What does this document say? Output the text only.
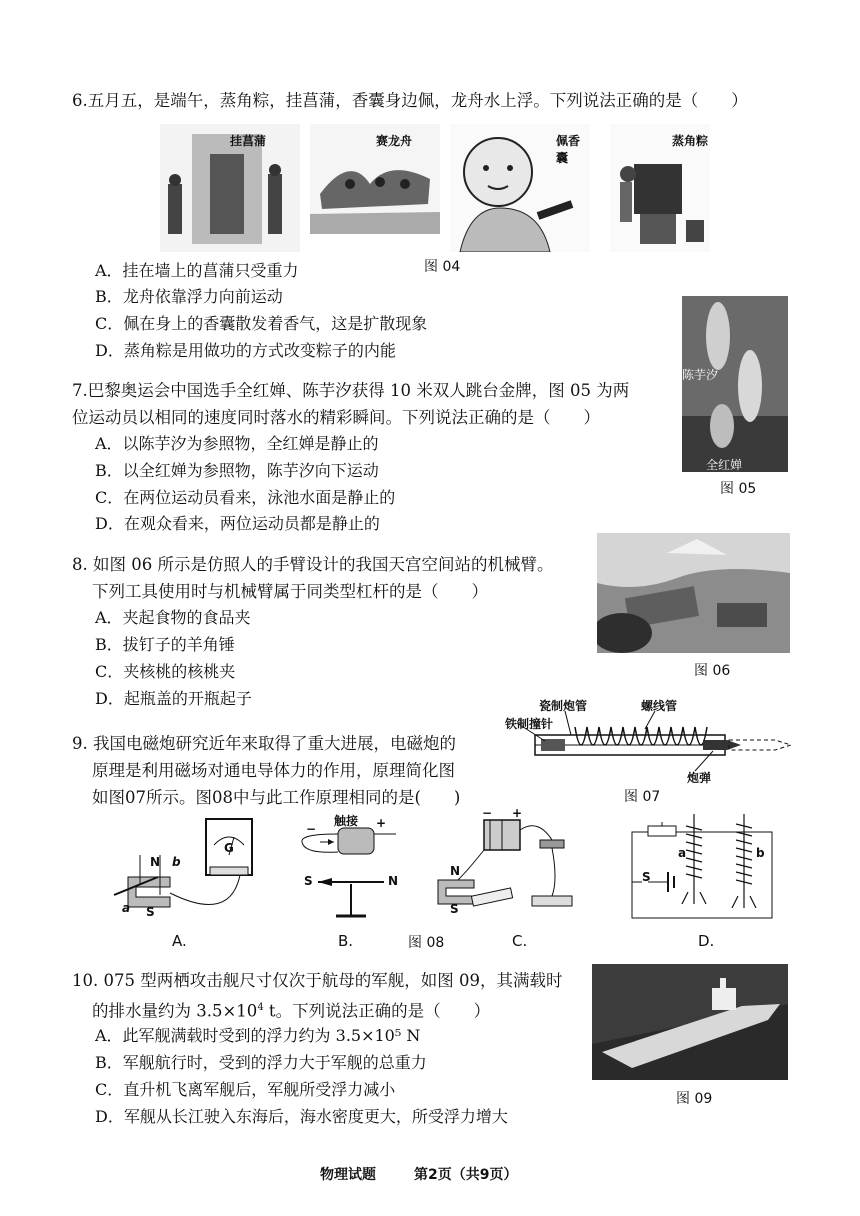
6.五月五，是端午，蒸角粽，挂菖蒲，香囊身边佩，龙舟水上浮。下列说法正确的是（　　）
挂菖蒲	赛龙舟	佩香囊
蒸角粽
图 04
A．挂在墙上的菖蒲只受重力
B．龙舟依靠浮力向前运动
C．佩在身上的香囊散发着香气，这是扩散现象
D．蒸角粽是用做功的方式改变粽子的内能
7.巴黎奥运会中国选手全红婵、陈芋汐获得 10 米双人跳台金牌，图 05 为两
位运动员以相同的速度同时落水的精彩瞬间。下列说法正确的是（　　）
陈芋汐
全红婵
图 05
A．以陈芋汐为参照物，全红婵是静止的
B．以全红婵为参照物，陈芋汐向下运动
C．在两位运动员看来，泳池水面是静止的
D．在观众看来，两位运动员都是静止的
8. 如图 06 所示是仿照人的手臂设计的我国天宫空间站的机械臂。
下列工具使用时与机械臂属于同类型杠杆的是（　　）
图 06
A．夹起食物的食品夹
B．拔钉子的羊角锤
C．夹核桃的核桃夹
D．起瓶盖的开瓶起子
9. 我国电磁炮研究近年来取得了重大进展，电磁炮的
原理是利用磁场对通电导体力的作用，原理简化图
如图07所示。图08中与此工作原理相同的是(　　)
瓷制炮管	螺线管
铁制撞针
炮弹
图 07
N
S
b
a
G
A.
触接 +
−
S	N
B.	图 08
N
S
− +
C.
S
a	b
D.
10. 075 型两栖攻击舰尺寸仅次于航母的军舰，如图 09，其满载时
的排水量约为 $3.5\times 10^4$ t。下列说法正确的是（　　）
图 09
A．此军舰满载时受到的浮力约为 3.5×10⁵ N
B．军舰航行时，受到的浮力大于军舰的总重力
C．直升机飞离军舰后，军舰所受浮力减小
D．军舰从长江驶入东海后，海水密度更大，所受浮力增大
物理试题	第2页（共9页）
